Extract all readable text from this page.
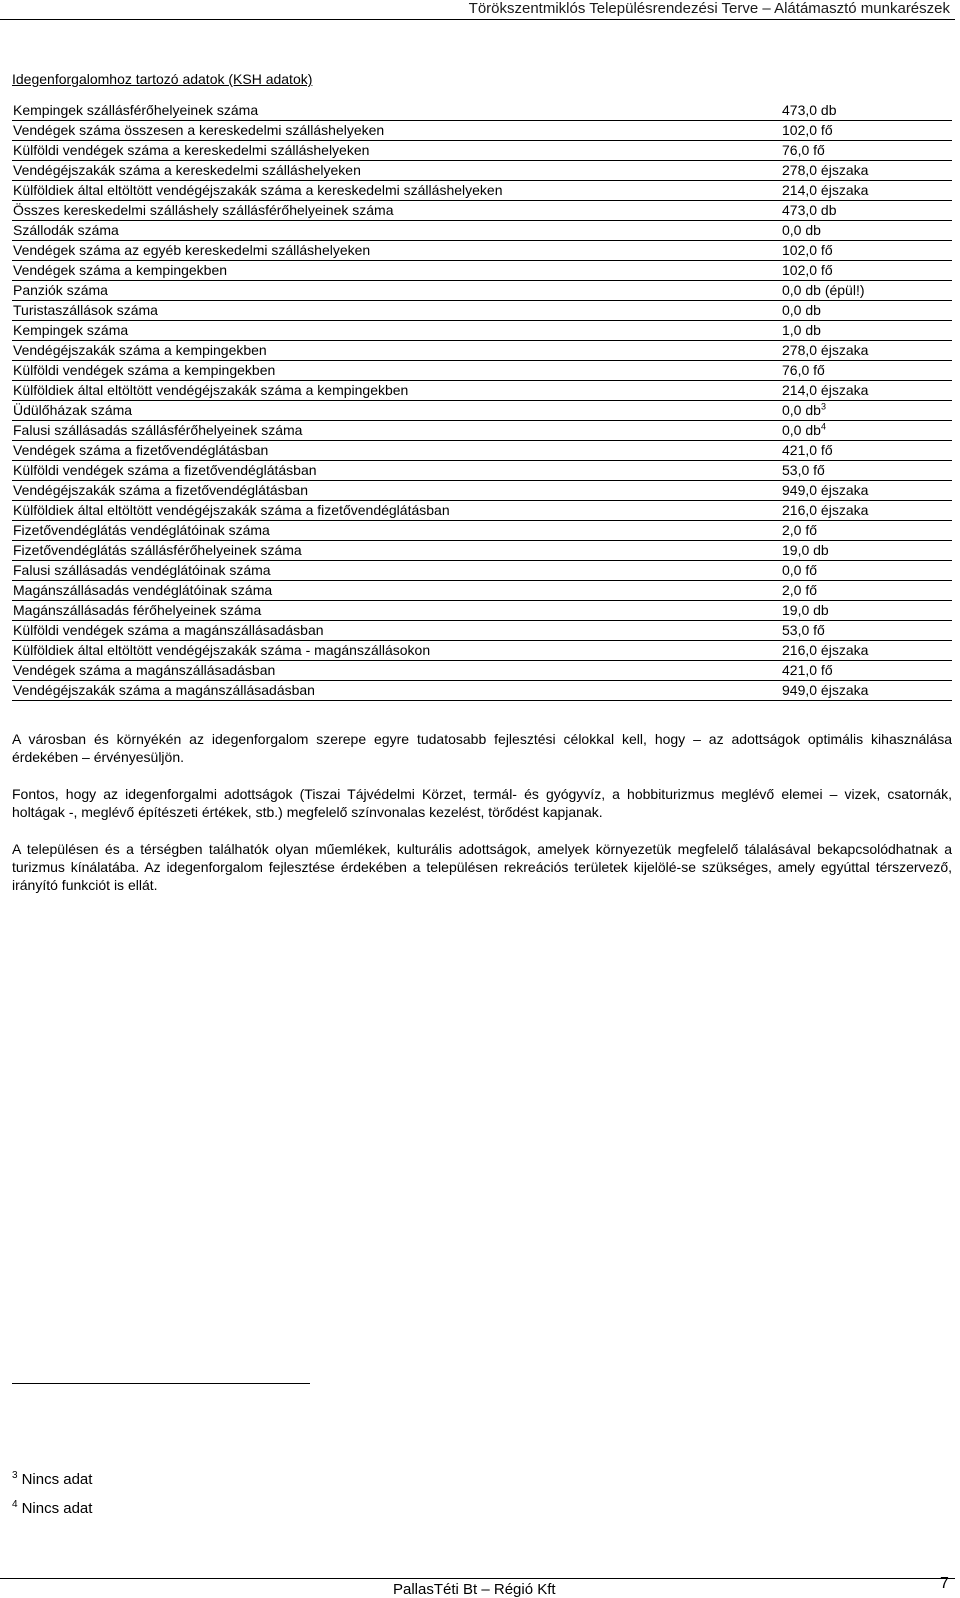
Törökszentmiklós Településrendezési Terve – Alátámasztó munkarészek
Idegenforgalomhoz tartozó adatok (KSH adatok)
Kempingek szállásférőhelyeinek száma	473,0 db
Vendégek száma összesen a kereskedelmi szálláshelyeken	102,0 fő
Külföldi vendégek száma a kereskedelmi szálláshelyeken	76,0 fő
Vendégéjszakák száma a kereskedelmi szálláshelyeken	278,0 éjszaka
Külföldiek által eltöltött vendégéjszakák száma a kereskedelmi szálláshelyeken	214,0 éjszaka
Összes kereskedelmi szálláshely szállásférőhelyeinek száma	473,0 db
Szállodák száma	0,0 db
Vendégek száma az egyéb kereskedelmi szálláshelyeken	102,0 fő
Vendégek száma a kempingekben	102,0 fő
Panziók száma	0,0 db (épül!)
Turistaszállások száma	0,0 db
Kempingek száma	1,0 db
Vendégéjszakák száma a kempingekben	278,0 éjszaka
Külföldi vendégek száma a kempingekben	76,0 fő
Külföldiek által eltöltött vendégéjszakák száma a kempingekben	214,0 éjszaka
Üdülőházak száma	0,0 $db^3$
Falusi szállásadás szállásférőhelyeinek száma	0,0 $db^4$
Vendégek száma a fizetővendéglátásban	421,0 fő
Külföldi vendégek száma a fizetővendéglátásban	53,0 fő
Vendégéjszakák száma a fizetővendéglátásban	949,0 éjszaka
Külföldiek által eltöltött vendégéjszakák száma a fizetővendéglátásban	216,0 éjszaka
Fizetővendéglátás vendéglátóinak száma	2,0 fő
Fizetővendéglátás szállásférőhelyeinek száma	19,0 db
Falusi szállásadás vendéglátóinak száma	0,0 fő
Magánszállásadás vendéglátóinak száma	2,0 fő
Magánszállásadás férőhelyeinek száma	19,0 db
Külföldi vendégek száma a magánszállásadásban	53,0 fő
Külföldiek által eltöltött vendégéjszakák száma - magánszállásokon	216,0 éjszaka
Vendégek száma a magánszállásadásban	421,0 fő
Vendégéjszakák száma a magánszállásadásban	949,0 éjszaka

A városban és környékén az idegenforgalom szerepe egyre tudatosabb fejlesztési célokkal kell, hogy – az adottságok optimális kihasználása érdekében – érvényesüljön.

Fontos, hogy az idegenforgalmi adottságok (Tiszai Tájvédelmi Körzet, termál- és gyógyvíz, a hobbiturizmus meglévő elemei – vizek, csatornák, holtágak -, meglévő építészeti értékek, stb.) megfelelő színvonalas kezelést, törődést kapjanak.

A településen és a térségben találhatók olyan műemlékek, kulturális adottságok, amelyek környezetük megfelelő tálalásával bekapcsolódhatnak a turizmus kínálatába. Az idegenforgalom fejlesztése érdekében a településen rekreációs területek kijelölé-se szükséges, amely egyúttal térszervező, irányító funkciót is ellát.

$^3$ Nincs adat
$^4$ Nincs adat
PallasTéti Bt – Régió Kft	7
